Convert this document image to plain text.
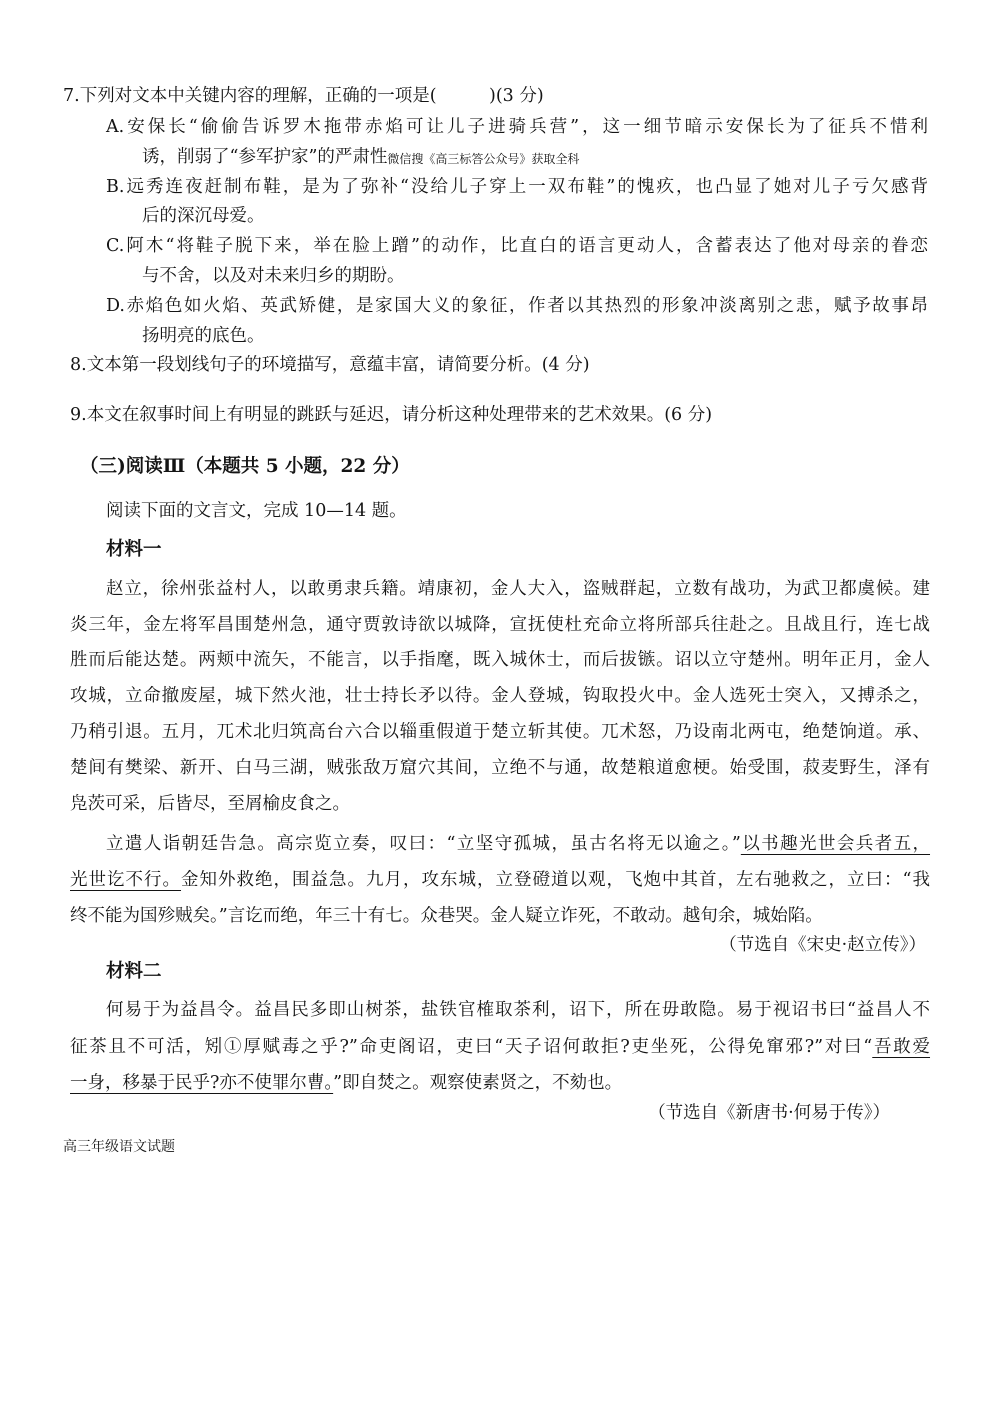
7.下列对文本中关键内容的理解，正确的一项是(　　　)(3 分)
A.安保长“偷偷告诉罗木拖带赤焰可让儿子进骑兵营”，这一细节暗示安保长为了征兵不惜利
诱，削弱了“参军护家”的严肃性微信搜《高三标答公众号》获取全科
B.远秀连夜赶制布鞋，是为了弥补“没给儿子穿上一双布鞋”的愧疚，也凸显了她对儿子亏欠感背
后的深沉母爱。
C.阿木“将鞋子脱下来，举在脸上蹭”的动作，比直白的语言更动人，含蓄表达了他对母亲的眷恋
与不舍，以及对未来归乡的期盼。
D.赤焰色如火焰、英武矫健，是家国大义的象征，作者以其热烈的形象冲淡离别之悲，赋予故事昂
扬明亮的底色。
8.文本第一段划线句子的环境描写，意蕴丰富，请简要分析。(4 分)
9.本文在叙事时间上有明显的跳跃与延迟，请分析这种处理带来的艺术效果。(6 分)
（三)阅读Ⅲ（本题共 5 小题，22 分）
阅读下面的文言文，完成 10—14 题。
材料一
赵立，徐州张益村人，以敢勇隶兵籍。靖康初，金人大入，盗贼群起，立数有战功，为武卫都虞候。建
炎三年，金左将军昌围楚州急，通守贾敦诗欲以城降，宣抚使杜充命立将所部兵往赴之。且战且行，连七战
胜而后能达楚。两颊中流矢，不能言，以手指麾，既入城休士，而后拔镞。诏以立守楚州。明年正月，金人
攻城，立命撤废屋，城下然火池，壮士持长矛以待。金人登城，钩取投火中。金人选死士突入，又搏杀之，
乃稍引退。五月，兀术北归筑高台六合以辎重假道于楚立斩其使。兀术怒，乃设南北两屯，绝楚饷道。承、
楚间有樊梁、新开、白马三湖，贼张敌万窟穴其间，立绝不与通，故楚粮道愈梗。始受围，菽麦野生，泽有
凫茨可采，后皆尽，至屑榆皮食之。
立遣人诣朝廷告急。高宗览立奏，叹曰：“立坚守孤城，虽古名将无以逾之。”以书趣光世会兵者五，
光世讫不行。金知外救绝，围益急。九月，攻东城，立登磴道以观，飞炮中其首，左右驰救之，立曰：“我
终不能为国殄贼矣。”言讫而绝，年三十有七。众巷哭。金人疑立诈死，不敢动。越旬余，城始陷。
（节选自《宋史·赵立传》）
材料二
何易于为益昌令。益昌民多即山树茶，盐铁官榷取茶利，诏下，所在毋敢隐。易于视诏书曰“益昌人不
征茶且不可活，矧①厚赋毒之乎?”命吏阁诏，吏曰“天子诏何敢拒?吏坐死，公得免窜邪?”对曰“吾敢爱
一身，移暴于民乎?亦不使罪尔曹。”即自焚之。观察使素贤之，不劾也。
（节选自《新唐书·何易于传》）
高三年级语文试题
